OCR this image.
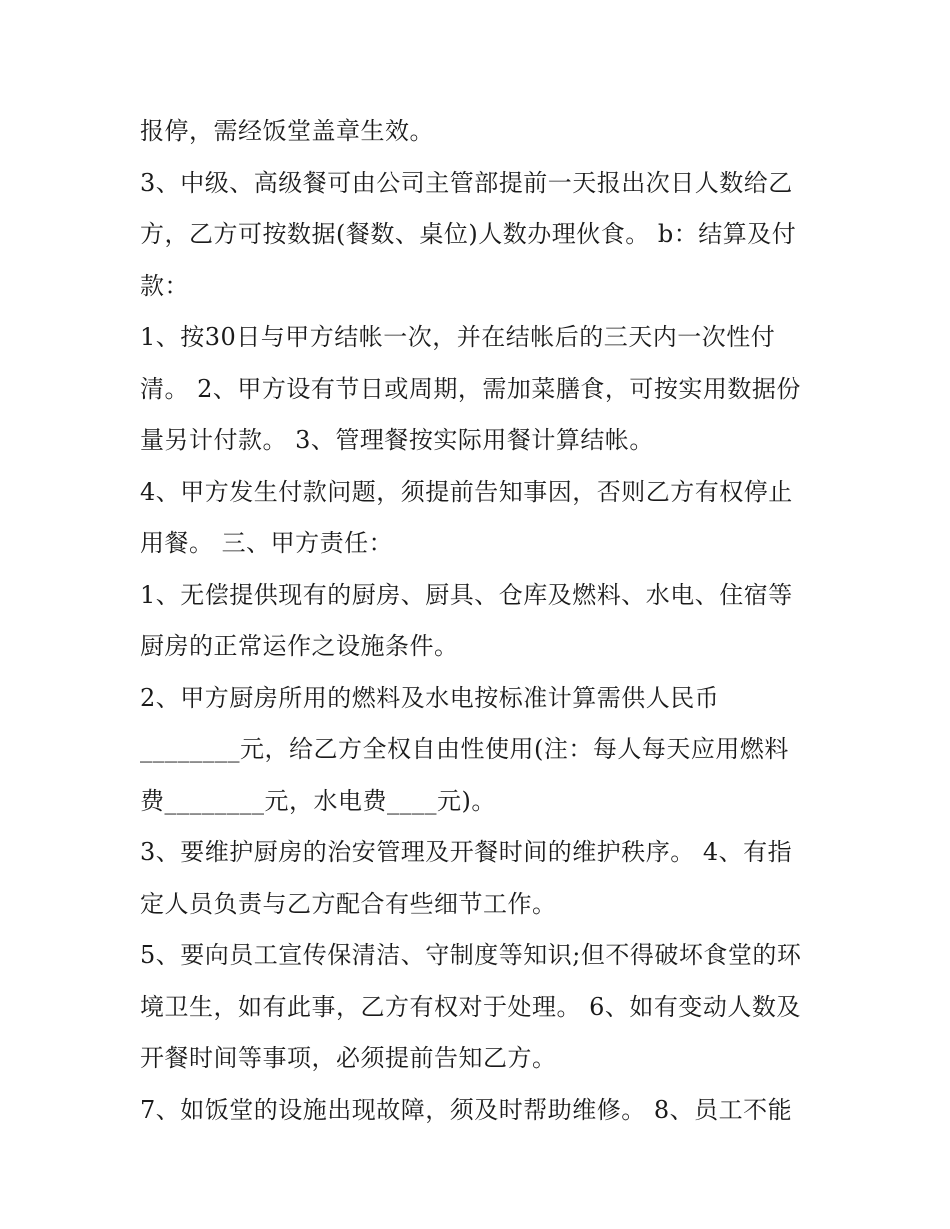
报停，需经饭堂盖章生效。
3、中级、高级餐可由公司主管部提前一天报出次日人数给乙
方，乙方可按数据(餐数、桌位)人数办理伙食。 b：结算及付
款：
1、按30日与甲方结帐一次，并在结帐后的三天内一次性付
清。 2、甲方设有节日或周期，需加菜膳食，可按实用数据份
量另计付款。 3、管理餐按实际用餐计算结帐。
4、甲方发生付款问题，须提前告知事因，否则乙方有权停止
用餐。 三、甲方责任：
1、无偿提供现有的厨房、厨具、仓库及燃料、水电、住宿等
厨房的正常运作之设施条件。
2、甲方厨房所用的燃料及水电按标准计算需供人民币
________元，给乙方全权自由性使用(注：每人每天应用燃料
费________元，水电费____元)。
3、要维护厨房的治安管理及开餐时间的维护秩序。 4、有指
定人员负责与乙方配合有些细节工作。
5、要向员工宣传保清洁、守制度等知识;但不得破坏食堂的环
境卫生，如有此事，乙方有权对于处理。 6、如有变动人数及
开餐时间等事项，必须提前告知乙方。
7、如饭堂的设施出现故障，须及时帮助维修。 8、员工不能
